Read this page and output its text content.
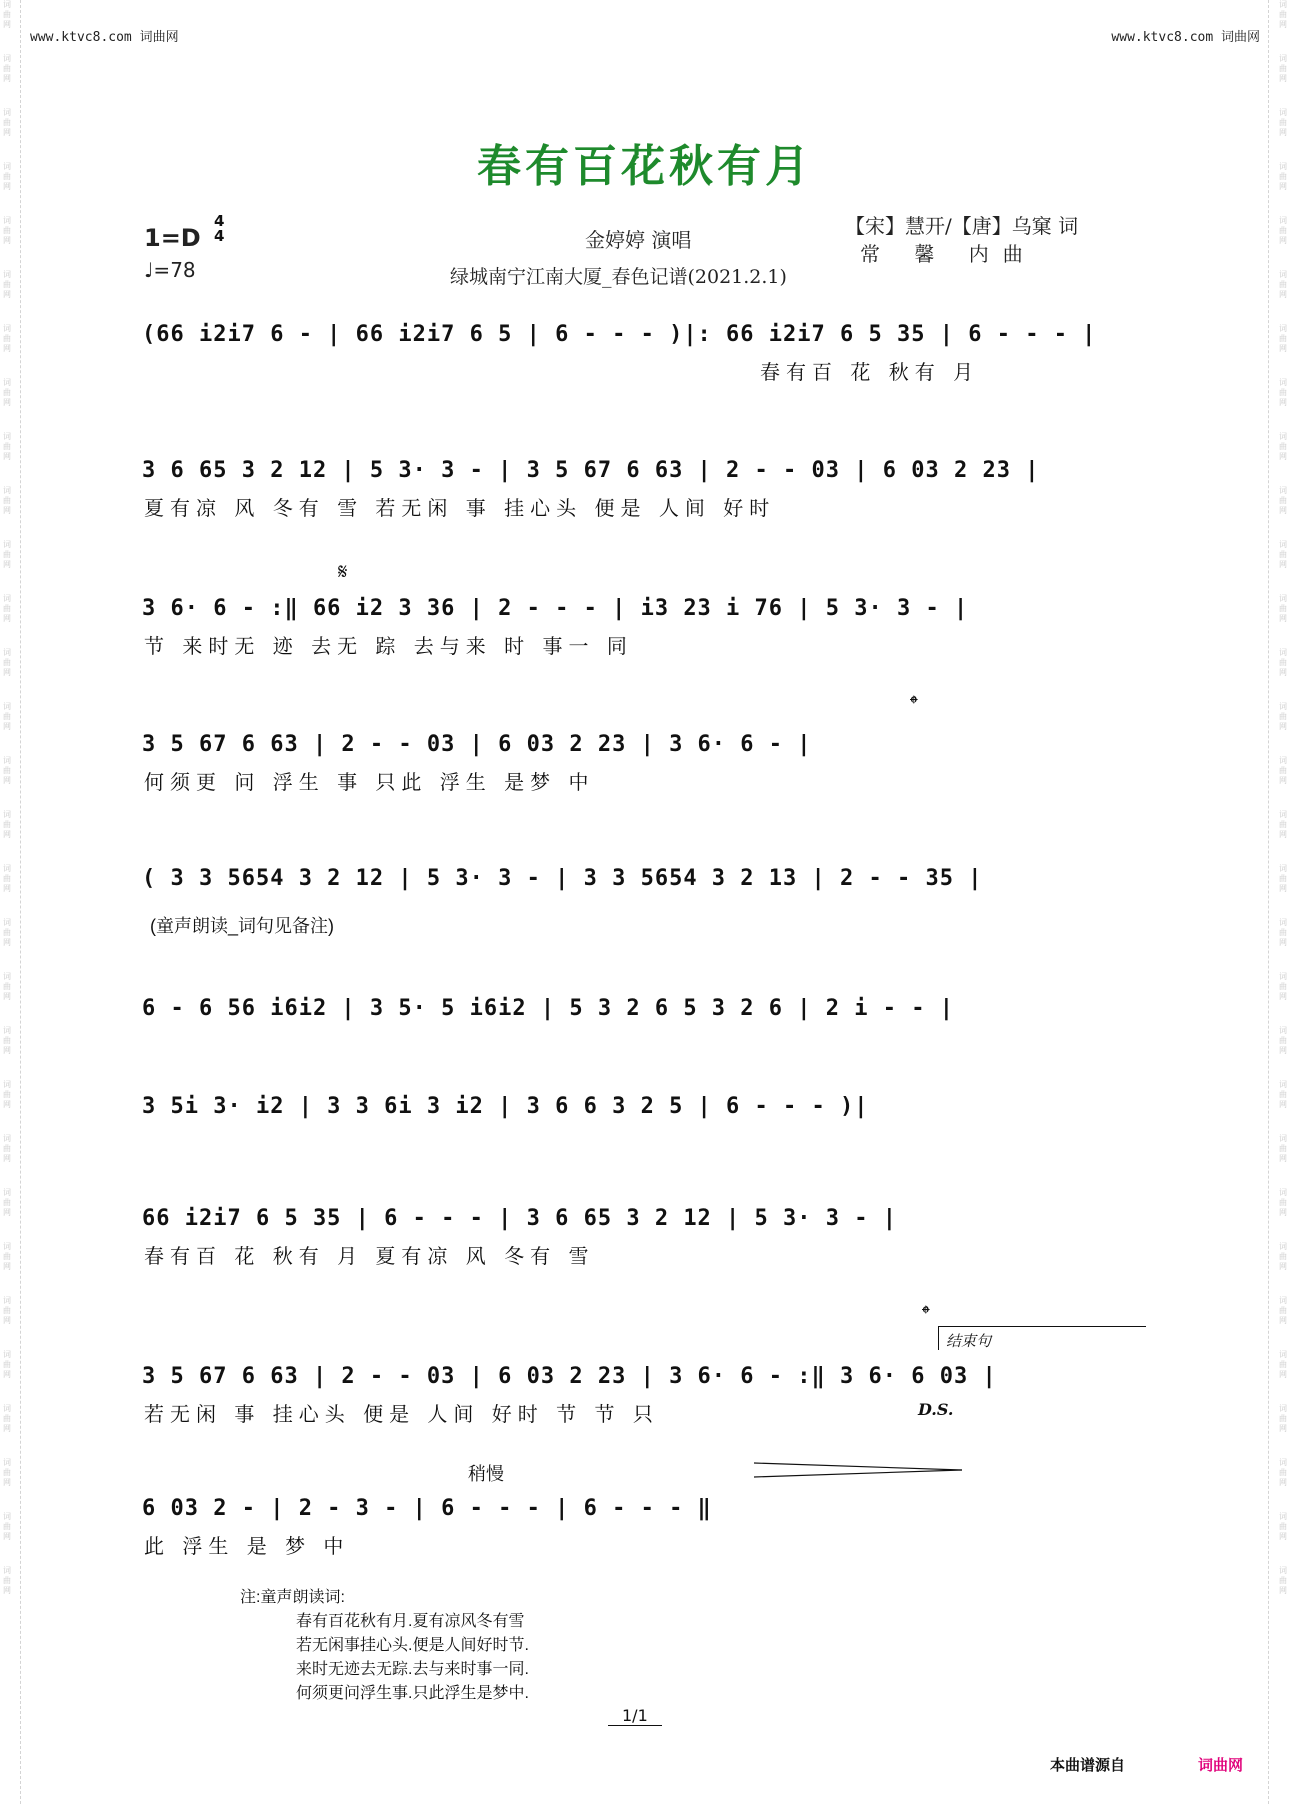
词曲网
词曲网
词曲网
词曲网
词曲网
词曲网
词曲网
词曲网
词曲网
词曲网
词曲网
词曲网
词曲网
词曲网
词曲网
词曲网
词曲网
词曲网
词曲网
词曲网
词曲网
词曲网
词曲网
词曲网
词曲网
词曲网
词曲网
词曲网
词曲网
词曲网
词曲网
词曲网
词曲网
词曲网
词曲网
词曲网
词曲网
词曲网
词曲网
词曲网
词曲网
词曲网
词曲网
词曲网
词曲网
词曲网
词曲网
词曲网
词曲网
词曲网
词曲网
词曲网
词曲网
词曲网
词曲网
词曲网
词曲网
词曲网
词曲网
词曲网
www.ktvc8.com 词曲网	www.ktvc8.com 词曲网
春有百花秋有月
1=D
4
4
♩=78
金婷婷 演唱
绿城南宁江南大厦_春色记谱(2021.2.1)
【宋】慧开/【唐】乌窠 词
常 馨 内曲
(66 i2i7 6 - | 66 i2i7 6 5 | 6 - - - )|: 66 i2i7 6 5 35 | 6 - - - |
春有百 花 秋有 月
3 6 65 3 2 12 | 5 3· 3 - | 3 5 67 6 63 | 2 - - 03 | 6 03 2 23 |
夏有凉 风 冬有 雪 若无闲 事 挂心头 便是 人间 好时
3 6· 6 - :‖ 66 i2 3 36 | 2 - - - | i3 23 i 76 | 5 3· 3 - |
节 来时无 迹 去无 踪 去与来 时 事一 同
3 5 67 6 63 | 2 - - 03 | 6 03 2 23 | 3 6· 6 - |
何须更 问 浮生 事 只此 浮生 是梦 中
( 3 3 5654 3 2 12 | 5 3· 3 - | 3 3 5654 3 2 13 | 2 - - 35 |
6 - 6 56 i6i2 | 3 5· 5 i6i2 | 5 3 2 6 5 3 2 6 | 2 i - - |
3 5i 3· i2 | 3 3 6i 3 i2 | 3 6 6 3 2 5 | 6 - - - )|
66 i2i7 6 5 35 | 6 - - - | 3 6 65 3 2 12 | 5 3· 3 - |
春有百 花 秋有 月 夏有凉 风 冬有 雪
3 5 67 6 63 | 2 - - 03 | 6 03 2 23 | 3 6· 6 - :‖ 3 6· 6 03 |
若无闲 事 挂心头 便是 人间 好时 节 节 只
6 03 2 - | 2 - 3 - | 6 - - - | 6 - - - ‖
此 浮生 是 梦 中
𝄋
𝄌
(童声朗读_词句见备注)
𝄌
结束句
D.S.
稍慢
注:童声朗读词:
春有百花秋有月.夏有凉风冬有雪
若无闲事挂心头.便是人间好时节.
来时无迹去无踪.去与来时事一同.
何须更问浮生事.只此浮生是梦中.
1/1
本曲谱源自	词曲网
